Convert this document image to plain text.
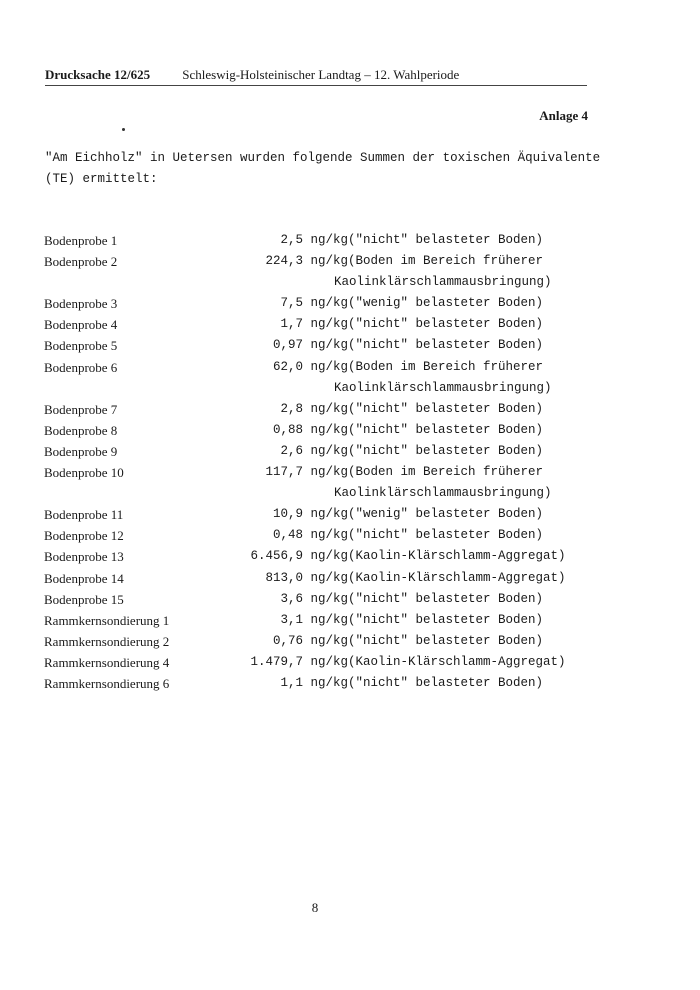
Drucksache 12/625 Schleswig-Holsteinischer Landtag – 12. Wahlperiode
Anlage 4

"Am Eichholz" in Uetersen wurden folgende Summen der toxischen Äquivalente

(TE) ermittelt:

Bodenprobe 1	2,5 ng/kg	("nicht" belasteter Boden)
Bodenprobe 2	224,3 ng/kg	(Boden im Bereich früherer
Kaolinklärschlammausbringung)		
Bodenprobe 3	7,5 ng/kg	("wenig" belasteter Boden)
Bodenprobe 4	1,7 ng/kg	("nicht" belasteter Boden)
Bodenprobe 5	0,97 ng/kg	("nicht" belasteter Boden)
Bodenprobe 6	62,0 ng/kg	(Boden im Bereich früherer
Kaolinklärschlammausbringung)		
Bodenprobe 7	2,8 ng/kg	("nicht" belasteter Boden)
Bodenprobe 8	0,88 ng/kg	("nicht" belasteter Boden)
Bodenprobe 9	2,6 ng/kg	("nicht" belasteter Boden)
Bodenprobe 10	117,7 ng/kg	(Boden im Bereich früherer
Kaolinklärschlammausbringung)		
Bodenprobe 11	10,9 ng/kg	("wenig" belasteter Boden)
Bodenprobe 12	0,48 ng/kg	("nicht" belasteter Boden)
Bodenprobe 13	6.456,9 ng/kg	(Kaolin-Klärschlamm-Aggregat)
Bodenprobe 14	813,0 ng/kg	(Kaolin-Klärschlamm-Aggregat)
Bodenprobe 15	3,6 ng/kg	("nicht" belasteter Boden)
Rammkernsondierung 1	3,1 ng/kg	("nicht" belasteter Boden)
Rammkernsondierung 2	0,76 ng/kg	("nicht" belasteter Boden)
Rammkernsondierung 4	1.479,7 ng/kg	(Kaolin-Klärschlamm-Aggregat)
Rammkernsondierung 6	1,1 ng/kg	("nicht" belasteter Boden)
8
